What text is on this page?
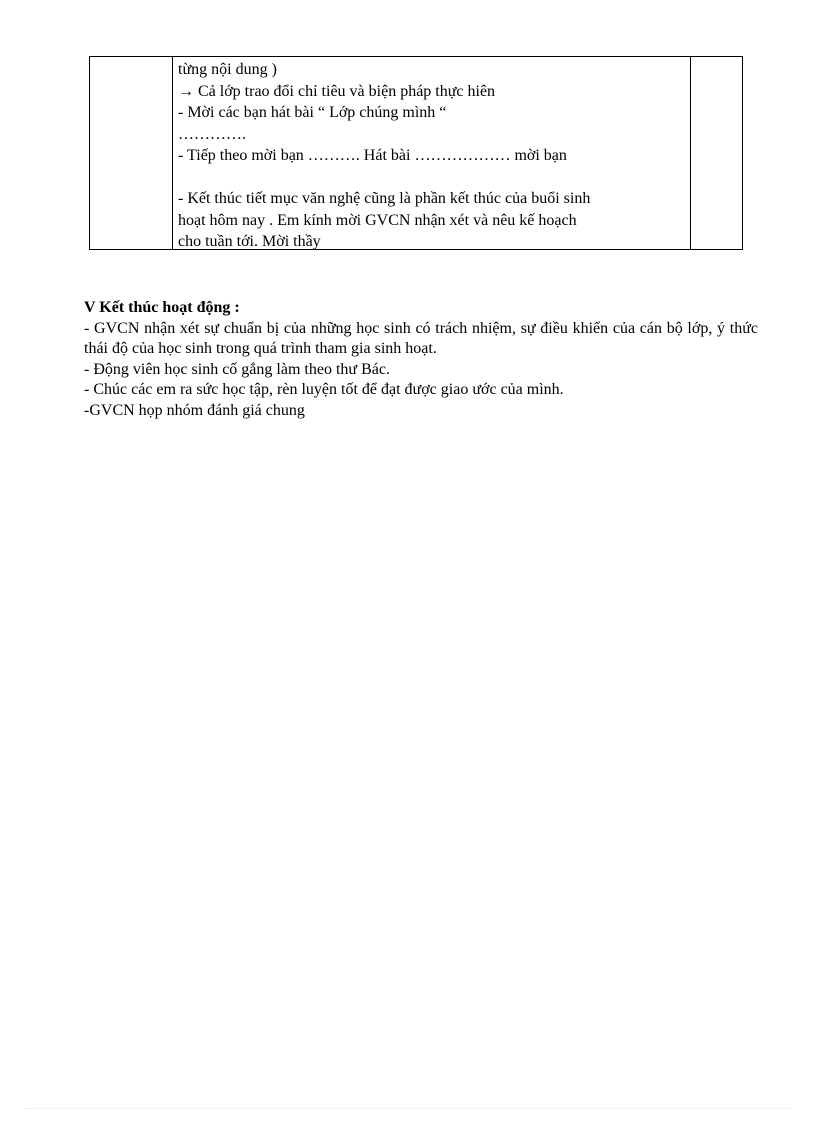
từng nội dung )
→ Cả lớp trao đổi chỉ tiêu và biện pháp thực hiên
- Mời các bạn hát bài “ Lớp chúng mình “
………….
- Tiếp theo mời bạn ………. Hát bài ……………… mời bạn
- Kết thúc tiết mục văn nghệ cũng là phần kết thúc của buổi sinh
hoạt hôm nay . Em kính mời GVCN nhận xét và nêu kế hoạch
cho tuần tới. Mời thầy

V Kết thúc hoạt động :
- GVCN nhận xét sự chuẩn bị của những học sinh có trách nhiệm, sự điều khiển của cán bộ lớp, ý thức thái độ của học sinh trong quá trình tham gia sinh hoạt.
- Động viên học sinh cố gắng làm theo thư Bác.
- Chúc các em ra sức học tập, rèn luyện tốt để đạt được giao ước của mình.
-GVCN họp nhóm đánh giá chung
